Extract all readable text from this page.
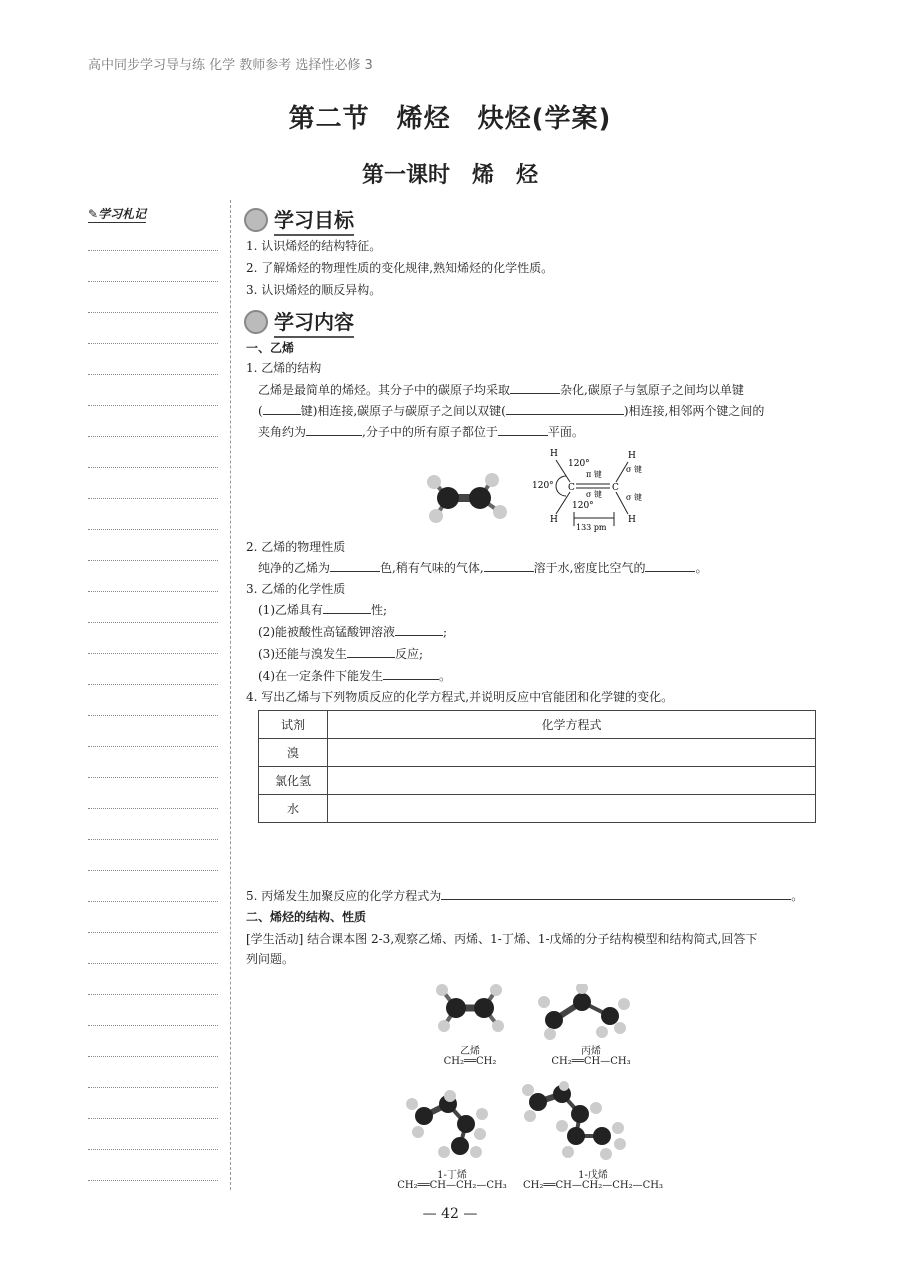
高中同步学习导与练 化学 教师参考 选择性必修 3
第二节　烯烃　炔烃(学案)
第一课时　烯　烃
✎学习札记	学习目标
1. 认识烯烃的结构特征。
2. 了解烯烃的物理性质的变化规律,熟知烯烃的化学性质。
3. 认识烯烃的顺反异构。
学习内容
一、乙烯
1. 乙烯的结构
乙烯是最简单的烯烃。其分子中的碳原子均采取	杂化,碳原子与氢原子之间均以单键
(	键)相连接,碳原子与碳原子之间以双键(	)相连接,相邻两个键之间的
夹角约为	,分子中的所有原子都位于	平面。
H
H
H
H
C	C
120°
120°
120°
π 键
σ 键
σ 键
σ 键
133 pm
2. 乙烯的物理性质
纯净的乙烯为	色,稍有气味的气体,	溶于水,密度比空气的	。
3. 乙烯的化学性质
(1)乙烯具有	性;
(2)能被酸性高锰酸钾溶液	;
(3)还能与溴发生	反应;
(4)在一定条件下能发生	。
4. 写出乙烯与下列物质反应的化学方程式,并说明反应中官能团和化学键的变化。
试剂	化学方程式
溴	
氯化氢	
水	
5. 丙烯发生加聚反应的化学方程式为	。
二、烯烃的结构、性质
[学生活动] 结合课本图 2-3,观察乙烯、丙烯、1-丁烯、1-戊烯的分子结构模型和结构简式,回答下
列问题。
乙烯
CH₂══CH₂
丙烯
CH₂══CH—CH₃
1-丁烯
CH₂══CH—CH₂—CH₃
1-戊烯
CH₂══CH—CH₂—CH₂—CH₃
— 42 —
